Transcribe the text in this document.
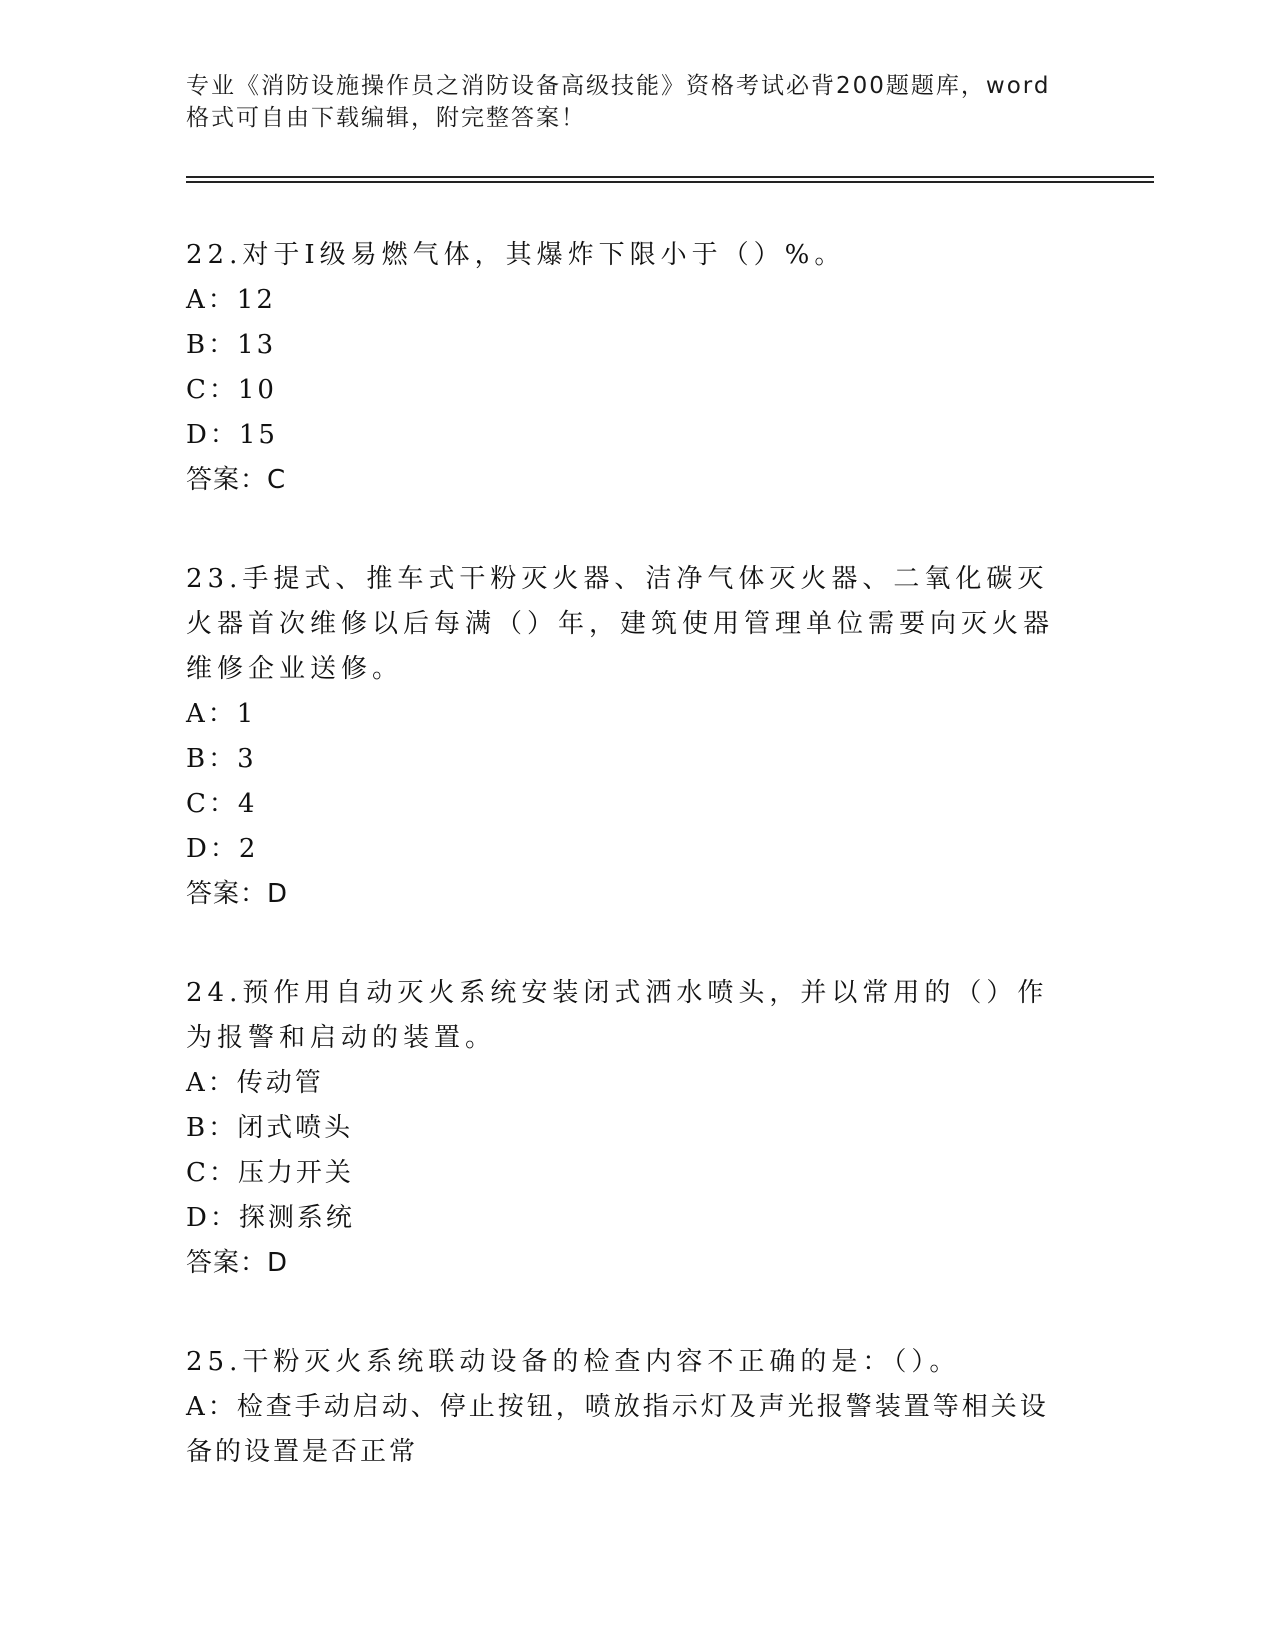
专业《消防设施操作员之消防设备高级技能》资格考试必背200题题库，word格式可自由下载编辑，附完整答案！

22.对于Ⅰ级易燃气体，其爆炸下限小于（）%。

A：12

B：13

C：10

D：15

答案：C

23.手提式、推车式干粉灭火器、洁净气体灭火器、二氧化碳灭火器首次维修以后每满（）年，建筑使用管理单位需要向灭火器维修企业送修。

A：1

B：3

C：4

D：2

答案：D

24.预作用自动灭火系统安装闭式洒水喷头，并以常用的（）作为报警和启动的装置。

A：传动管

B：闭式喷头

C：压力开关

D：探测系统

答案：D

25.干粉灭火系统联动设备的检查内容不正确的是：（）。

A：检查手动启动、停止按钮，喷放指示灯及声光报警装置等相关设备的设置是否正常
